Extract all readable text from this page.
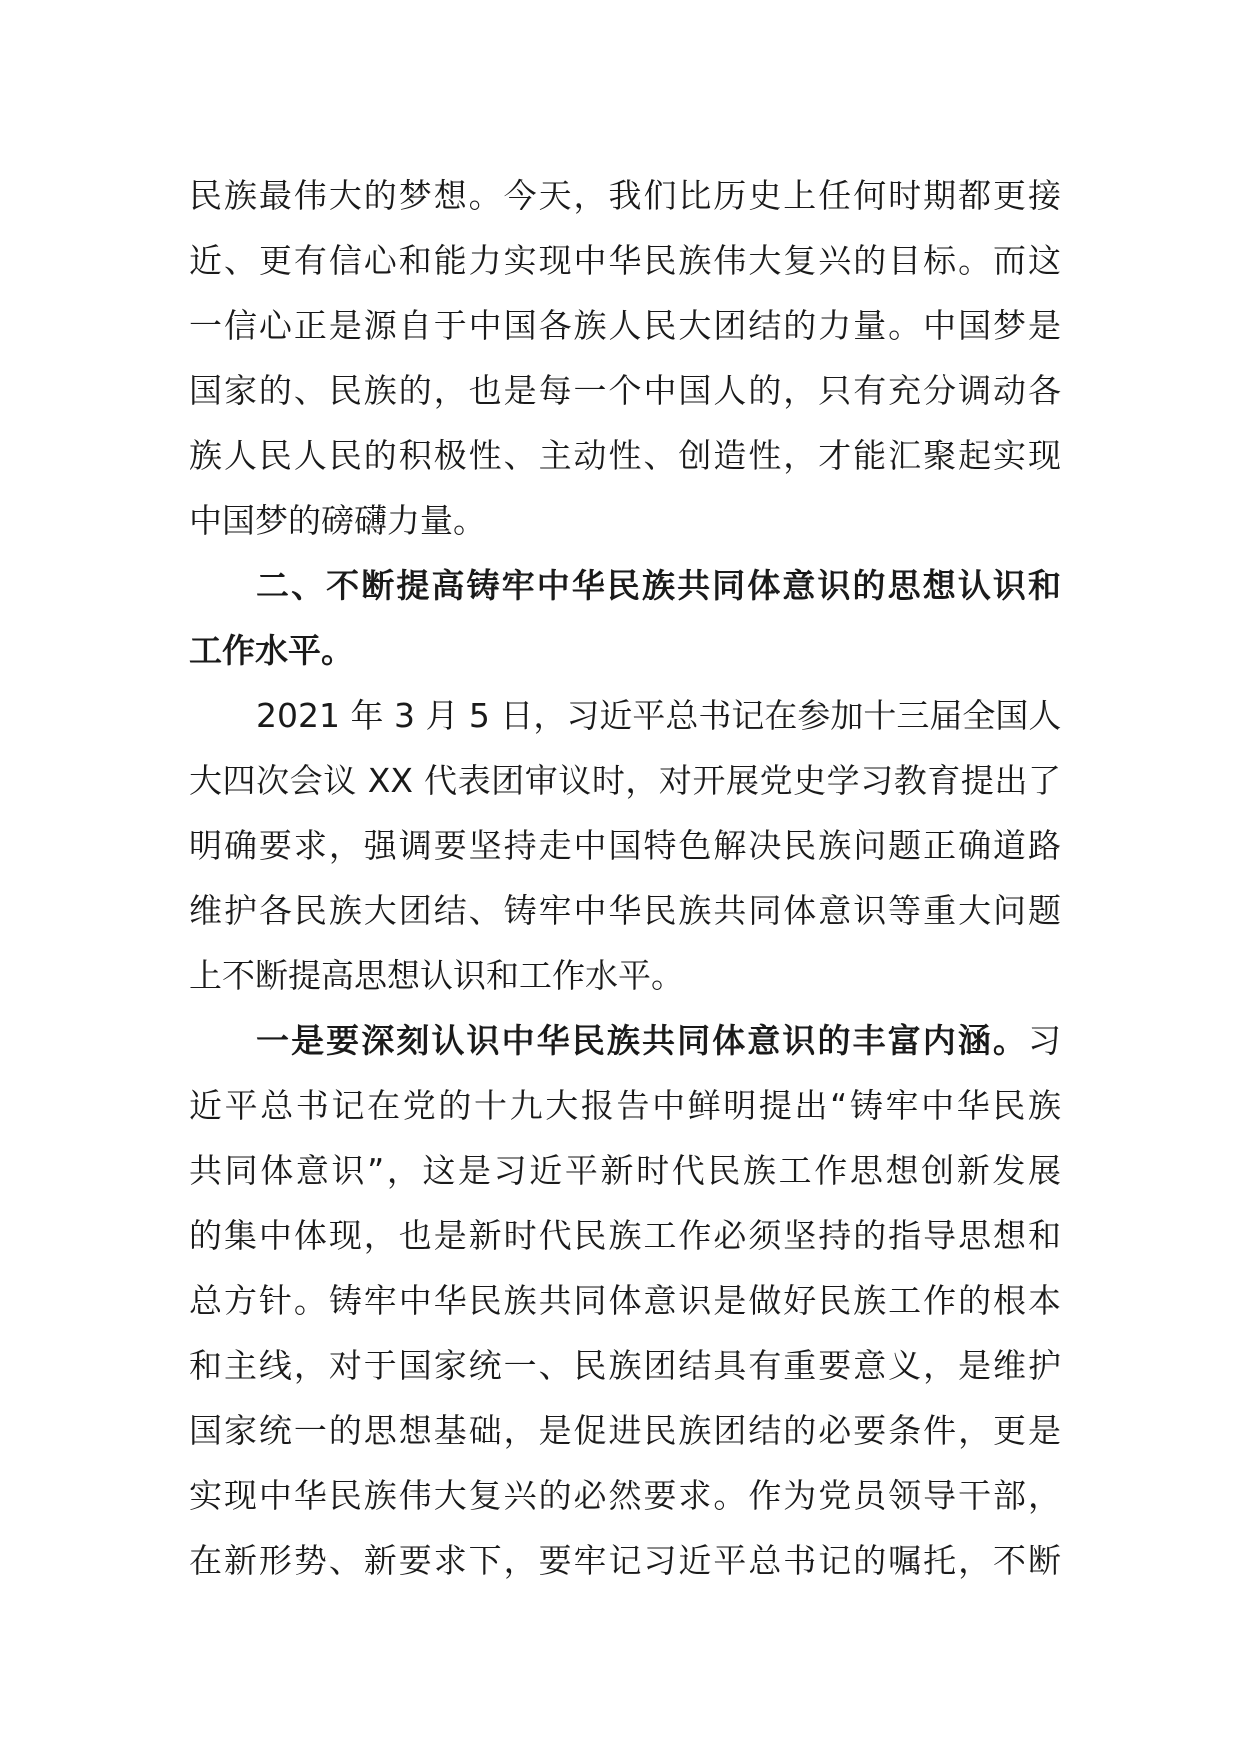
民族最伟大的梦想。今天，我们比历史上任何时期都更接
近、更有信心和能力实现中华民族伟大复兴的目标。而这
一信心正是源自于中国各族人民大团结的力量。中国梦是
国家的、民族的，也是每一个中国人的，只有充分调动各
族人民人民的积极性、主动性、创造性，才能汇聚起实现
中国梦的磅礴力量。
二、不断提高铸牢中华民族共同体意识的思想认识和
工作水平。
2021 年 3 月 5 日，习近平总书记在参加十三届全国人
大四次会议 XX 代表团审议时，对开展党史学习教育提出了
明确要求，强调要坚持走中国特色解决民族问题正确道路
维护各民族大团结、铸牢中华民族共同体意识等重大问题
上不断提高思想认识和工作水平。
一是要深刻认识中华民族共同体意识的丰富内涵。习
近平总书记在党的十九大报告中鲜明提出“铸牢中华民族
共同体意识”，这是习近平新时代民族工作思想创新发展
的集中体现，也是新时代民族工作必须坚持的指导思想和
总方针。铸牢中华民族共同体意识是做好民族工作的根本
和主线，对于国家统一、民族团结具有重要意义，是维护
国家统一的思想基础，是促进民族团结的必要条件，更是
实现中华民族伟大复兴的必然要求。作为党员领导干部，
在新形势、新要求下，要牢记习近平总书记的嘱托，不断
